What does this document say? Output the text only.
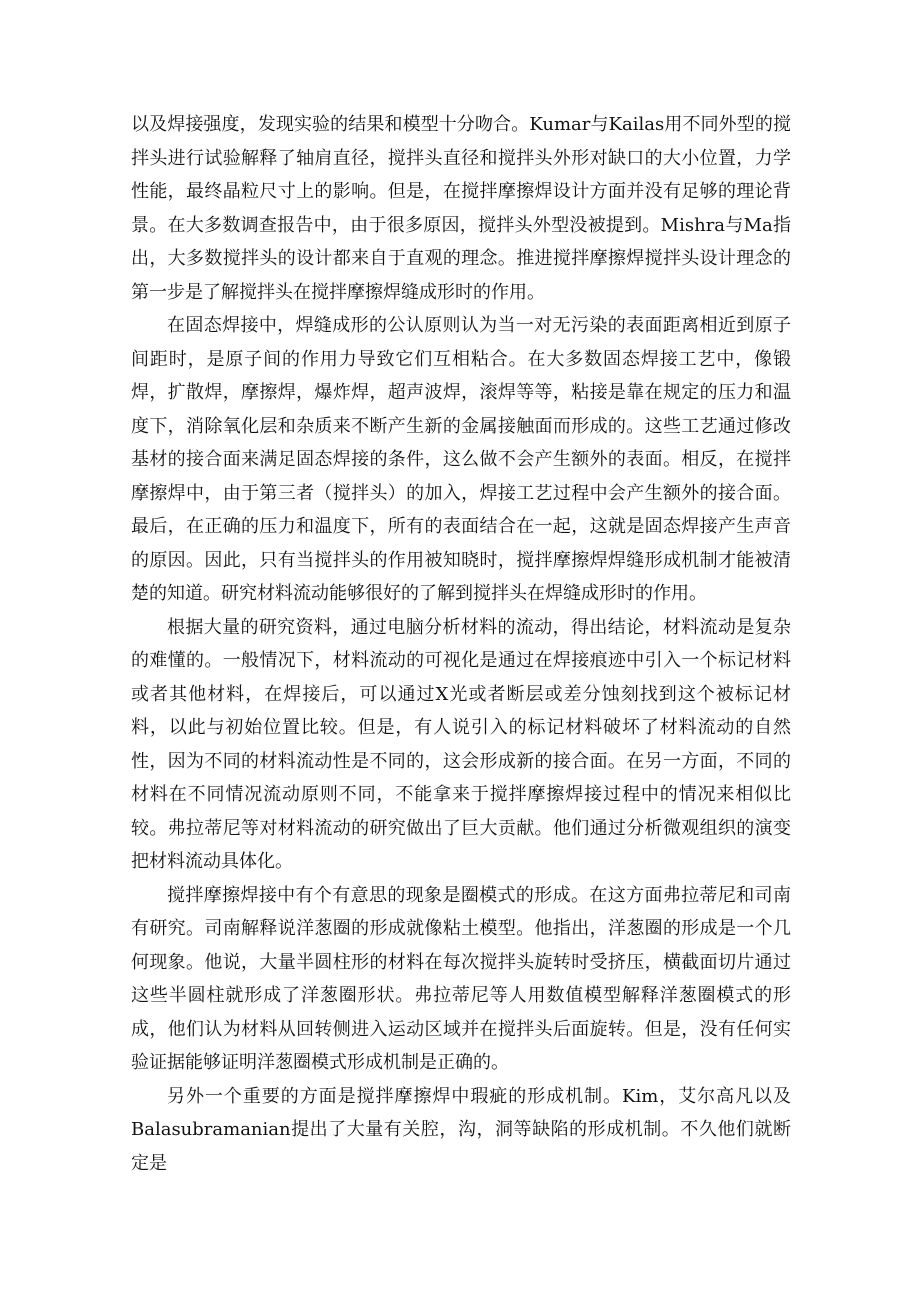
以及焊接强度，发现实验的结果和模型十分吻合。Kumar与Kailas用不同外型的搅拌头进行试验解释了轴肩直径，搅拌头直径和搅拌头外形对缺口的大小位置，力学性能，最终晶粒尺寸上的影响。但是，在搅拌摩擦焊设计方面并没有足够的理论背景。在大多数调查报告中，由于很多原因，搅拌头外型没被提到。Mishra与Ma指出，大多数搅拌头的设计都来自于直观的理念。推进搅拌摩擦焊搅拌头设计理念的第一步是了解搅拌头在搅拌摩擦焊缝成形时的作用。

在固态焊接中，焊缝成形的公认原则认为当一对无污染的表面距离相近到原子间距时，是原子间的作用力导致它们互相粘合。在大多数固态焊接工艺中，像锻焊，扩散焊，摩擦焊，爆炸焊，超声波焊，滚焊等等，粘接是靠在规定的压力和温度下，消除氧化层和杂质来不断产生新的金属接触面而形成的。这些工艺通过修改基材的接合面来满足固态焊接的条件，这么做不会产生额外的表面。相反，在搅拌摩擦焊中，由于第三者（搅拌头）的加入，焊接工艺过程中会产生额外的接合面。最后，在正确的压力和温度下，所有的表面结合在一起，这就是固态焊接产生声音的原因。因此，只有当搅拌头的作用被知晓时，搅拌摩擦焊焊缝形成机制才能被清楚的知道。研究材料流动能够很好的了解到搅拌头在焊缝成形时的作用。

根据大量的研究资料，通过电脑分析材料的流动，得出结论，材料流动是复杂的难懂的。一般情况下，材料流动的可视化是通过在焊接痕迹中引入一个标记材料或者其他材料，在焊接后，可以通过X光或者断层或差分蚀刻找到这个被标记材料，以此与初始位置比较。但是，有人说引入的标记材料破坏了材料流动的自然性，因为不同的材料流动性是不同的，这会形成新的接合面。在另一方面，不同的材料在不同情况流动原则不同，不能拿来于搅拌摩擦焊接过程中的情况来相似比较。弗拉蒂尼等对材料流动的研究做出了巨大贡献。他们通过分析微观组织的演变把材料流动具体化。

搅拌摩擦焊接中有个有意思的现象是圈模式的形成。在这方面弗拉蒂尼和司南有研究。司南解释说洋葱圈的形成就像粘土模型。他指出，洋葱圈的形成是一个几何现象。他说，大量半圆柱形的材料在每次搅拌头旋转时受挤压，横截面切片通过这些半圆柱就形成了洋葱圈形状。弗拉蒂尼等人用数值模型解释洋葱圈模式的形成，他们认为材料从回转侧进入运动区域并在搅拌头后面旋转。但是，没有任何实验证据能够证明洋葱圈模式形成机制是正确的。

另外一个重要的方面是搅拌摩擦焊中瑕疵的形成机制。Kim，艾尔高凡以及Balasubramanian提出了大量有关腔，沟，洞等缺陷的形成机制。不久他们就断定是
